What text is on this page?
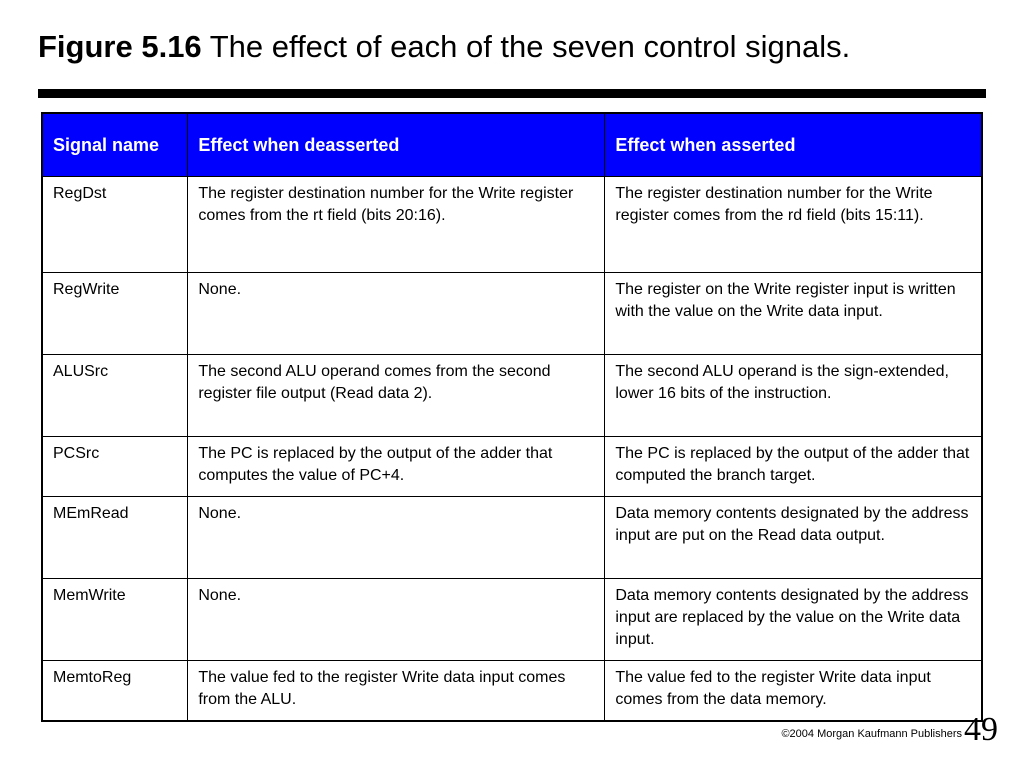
Figure 5.16 The effect of each of the seven control signals.
Signal name	Effect when deasserted	Effect when asserted
RegDst	The register destination number for the Write register comes from the rt field (bits 20:16).	The register destination number for the Write register comes from the rd field (bits 15:11).
RegWrite	None.	The register on the Write register input is written with the value on the Write data input.
ALUSrc	The second ALU operand comes from the second register file output (Read data 2).	The second ALU operand is the sign-extended, lower 16 bits of the instruction.
PCSrc	The PC is replaced by the output of the adder that computes the value of PC+4.	The PC is replaced by the output of the adder that computed the branch target.
MEmRead	None.	Data memory contents designated by the address input are put on the Read data output.
MemWrite	None.	Data memory contents designated by the address input are replaced by the value on the Write data input.
MemtoReg	The value fed to the register Write data input comes from the ALU.	The value fed to the register Write data input comes from the data memory.
©2004 Morgan Kaufmann Publishers 49
